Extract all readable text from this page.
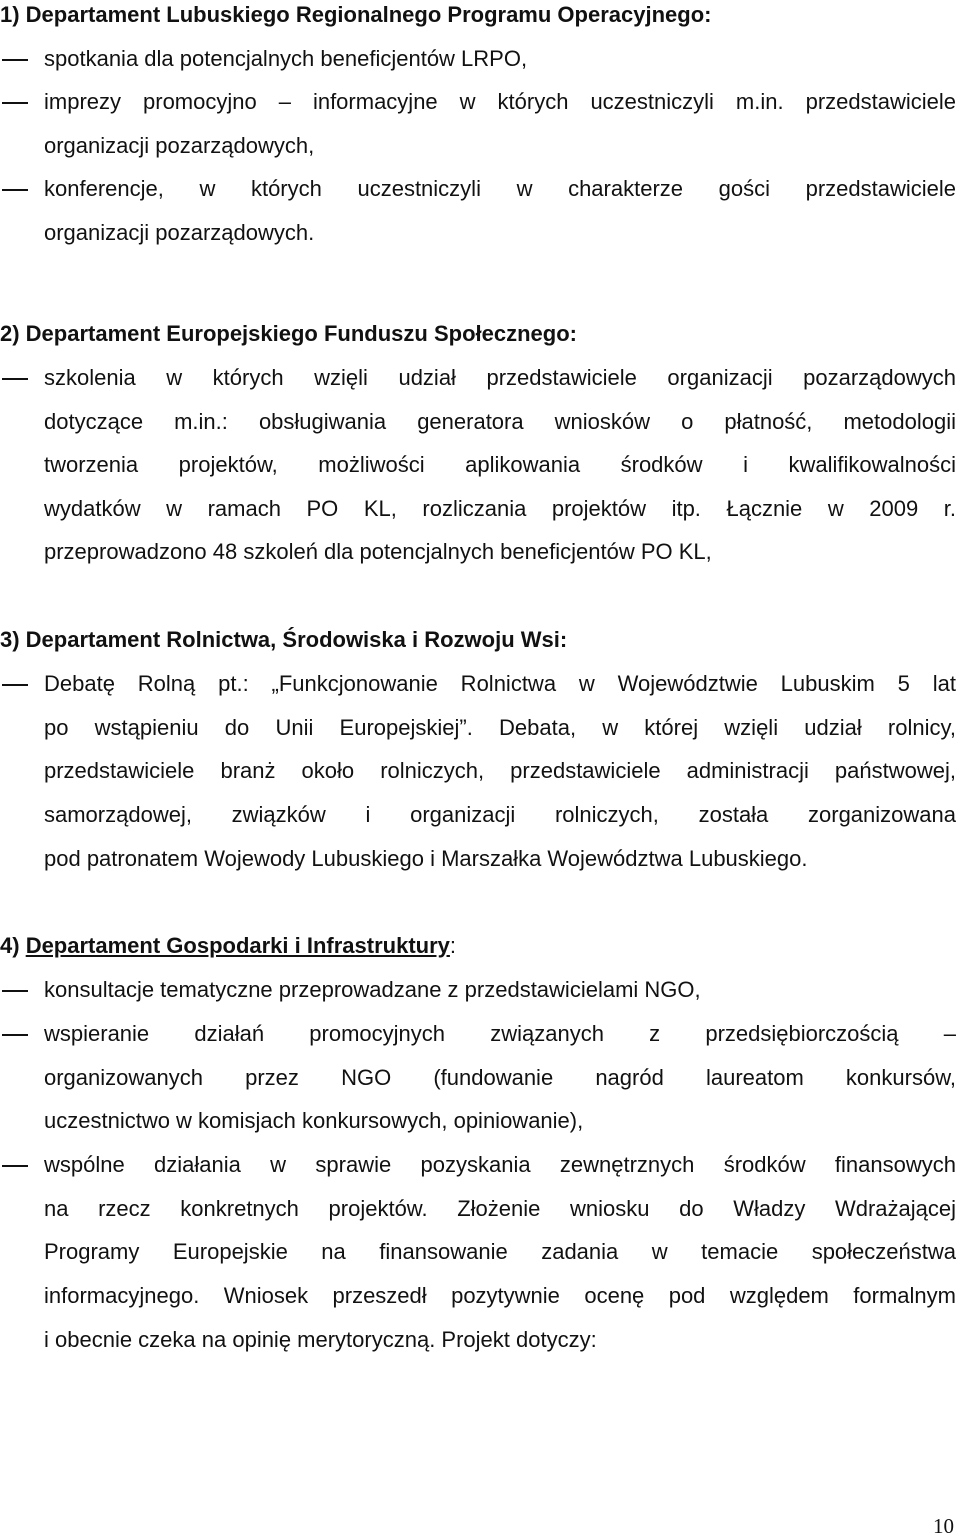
1) Departament Lubuskiego Regionalnego Programu Operacyjnego:
spotkania dla potencjalnych beneficjentów LRPO,
imprezy promocyjno – informacyjne w których uczestniczyli m.in. przedstawiciele
organizacji pozarządowych,
konferencje, w których uczestniczyli w charakterze gości przedstawiciele
organizacji pozarządowych.
2) Departament Europejskiego Funduszu Społecznego:
szkolenia w których wzięli udział przedstawiciele organizacji pozarządowych
dotyczące m.in.: obsługiwania generatora wniosków o płatność, metodologii
tworzenia projektów, możliwości aplikowania środków i kwalifikowalności
wydatków w ramach PO KL, rozliczania projektów itp. Łącznie w 2009 r.
przeprowadzono 48 szkoleń dla potencjalnych beneficjentów PO KL,
3) Departament Rolnictwa, Środowiska i Rozwoju Wsi:
Debatę Rolną pt.: „Funkcjonowanie Rolnictwa w Województwie Lubuskim 5 lat
po wstąpieniu do Unii Europejskiej”. Debata, w której wzięli udział rolnicy,
przedstawiciele branż około rolniczych, przedstawiciele administracji państwowej,
samorządowej, związków i organizacji rolniczych, została zorganizowana
pod patronatem Wojewody Lubuskiego i Marszałka Województwa Lubuskiego.
4) Departament Gospodarki i Infrastruktury:
konsultacje tematyczne przeprowadzane z przedstawicielami NGO,
wspieranie działań promocyjnych związanych z przedsiębiorczością –
organizowanych przez NGO (fundowanie nagród laureatom konkursów,
uczestnictwo w komisjach konkursowych, opiniowanie),
wspólne działania w sprawie pozyskania zewnętrznych środków finansowych
na rzecz konkretnych projektów. Złożenie wniosku do Władzy Wdrażającej
Programy Europejskie na finansowanie zadania w temacie społeczeństwa
informacyjnego. Wniosek przeszedł pozytywnie ocenę pod względem formalnym
i obecnie czeka na opinię merytoryczną. Projekt dotyczy:
10
